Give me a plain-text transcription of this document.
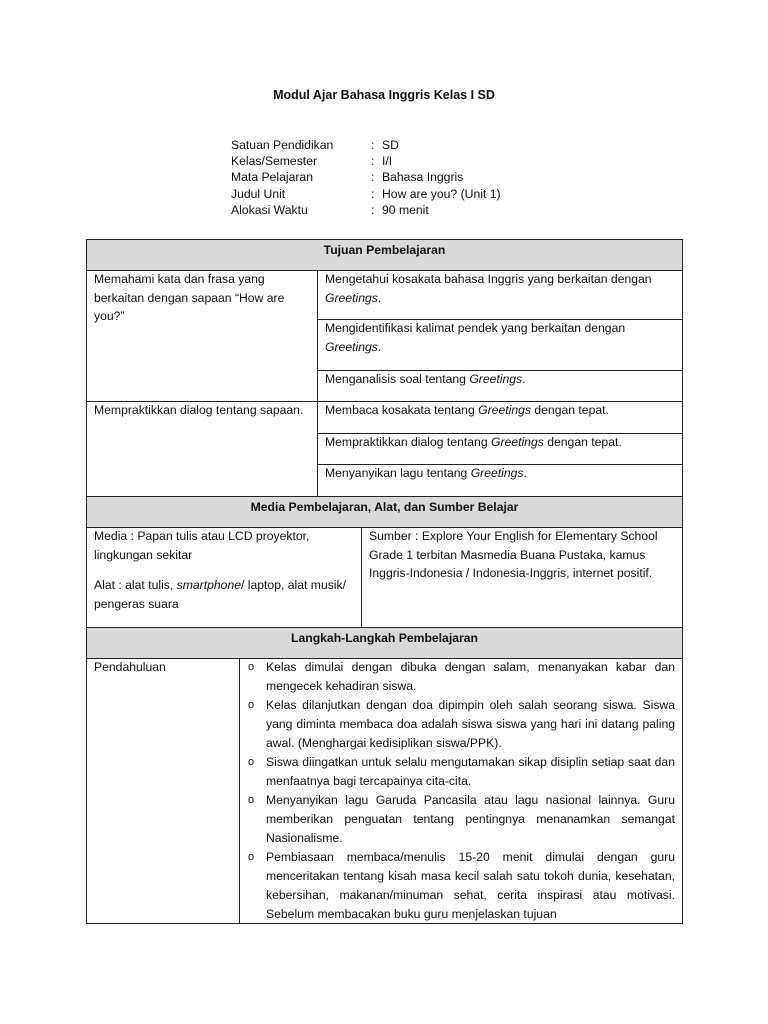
Modul Ajar Bahasa Inggris Kelas I SD
Satuan Pendidikan	:	SD
Kelas/Semester	:	I/I
Mata Pelajaran	:	Bahasa Inggris
Judul Unit	:	How are you? (Unit 1)
Alokasi Waktu	:	90 menit
Tujuan Pembelajaran
Memahami kata dan frasa yang berkaitan dengan sapaan “How are you?”
Mengetahui kosakata bahasa Inggris yang berkaitan dengan Greetings.
Mengidentifikasi kalimat pendek yang berkaitan dengan Greetings.
Menganalisis soal tentang Greetings.
Mempraktikkan dialog tentang sapaan.	Membaca kosakata tentang Greetings dengan tepat.
Mempraktikkan dialog tentang Greetings dengan tepat.
Menyanyikan lagu tentang Greetings.
Media Pembelajaran, Alat, dan Sumber Belajar
Media : Papan tulis atau LCD proyektor, lingkungan sekitar
Alat : alat tulis, smartphone/ laptop, alat musik/ pengeras suara
Sumber : Explore Your English for Elementary School Grade 1 terbitan Masmedia Buana Pustaka, kamus Inggris-Indonesia / Indonesia-Inggris, internet positif.
Langkah-Langkah Pembelajaran
Pendahuluan	o Kelas dimulai dengan dibuka dengan salam, menanyakan kabar dan mengecek kehadiran siswa.
o Kelas dilanjutkan dengan doa dipimpin oleh salah seorang siswa. Siswa yang diminta membaca doa adalah siswa siswa yang hari ini datang paling awal. (Menghargai kedisiplikan siswa/PPK).
o Siswa diingatkan untuk selalu mengutamakan sikap disiplin setiap saat dan menfaatnya bagi tercapainya cita-cita.
o Menyanyikan lagu Garuda Pancasila atau lagu nasional lainnya. Guru memberikan penguatan tentang pentingnya menanamkan semangat Nasionalisme.
o Pembiasaan membaca/menulis 15-20 menit dimulai dengan guru menceritakan tentang kisah masa kecil salah satu tokoh dunia, kesehatan, kebersihan, makanan/minuman sehat, cerita inspirasi atau motivasi. Sebelum membacakan buku guru menjelaskan tujuan
